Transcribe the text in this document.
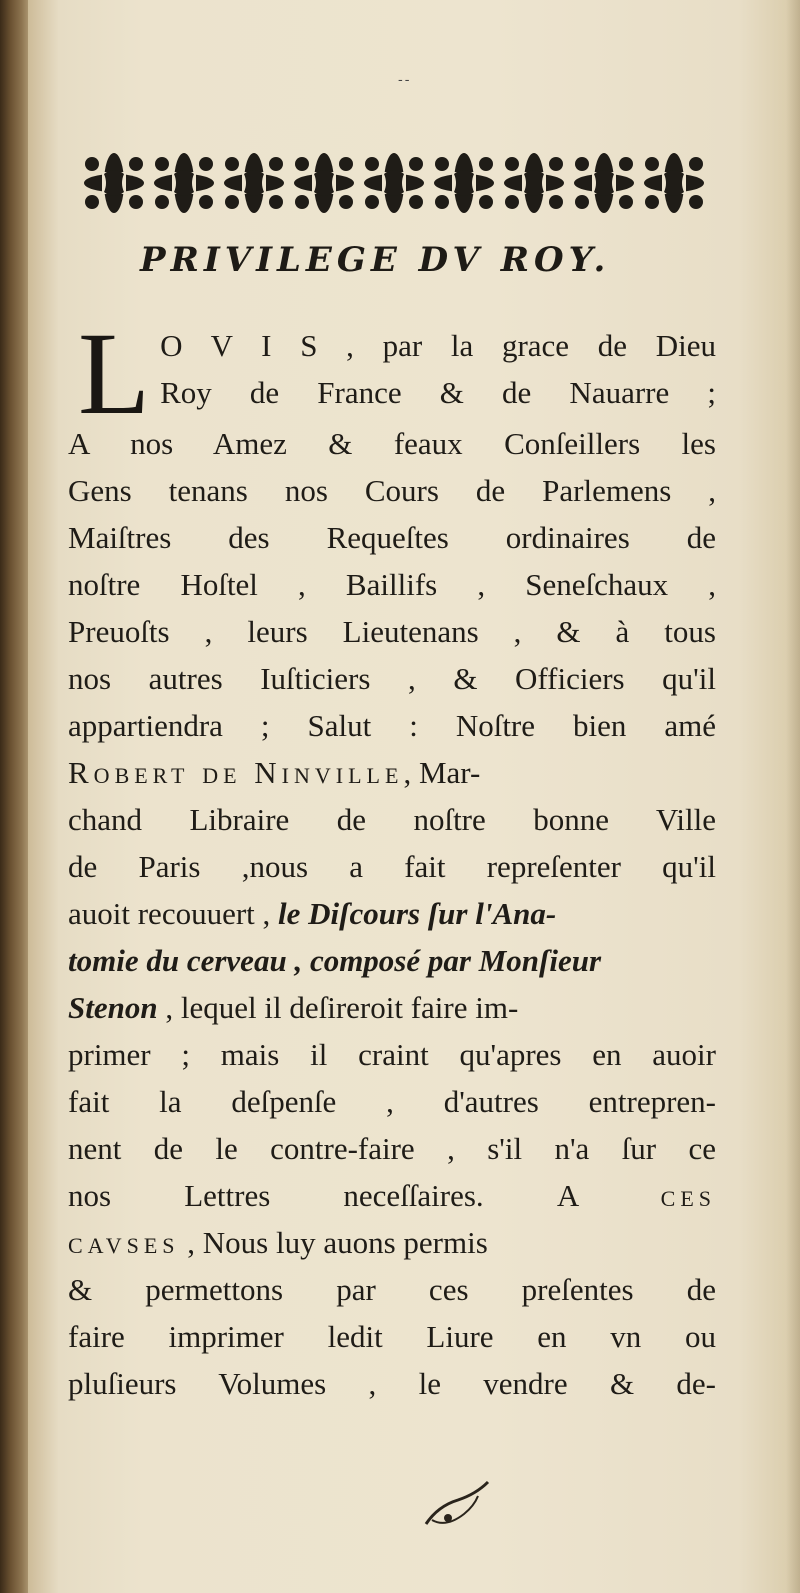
--
PRIVILEGE DV ROY.
L O V I S , par la grace de Dieu
Roy de France & de Nauarre ;
A nos Amez & feaux Conſeillers les
Gens tenans nos Cours de Parlemens ,
Maiſtres des Requeſtes ordinaires de
noſtre Hoſtel , Baillifs , Seneſchaux ,
Preuoſts , leurs Lieutenans , & à tous
nos autres Iuſticiers , & Officiers qu'il
appartiendra ; Salut : Noſtre bien amé
Robert de Ninville, Mar-
chand Libraire de noſtre bonne Ville
de Paris ,nous a fait repreſenter qu'il
auoit recouuert , le Diſcours ſur l'Ana-
tomie du cerveau , composé par Monſieur
Stenon , lequel il deſireroit faire im-
primer ; mais il craint qu'apres en auoir
fait la deſpenſe , d'autres entrepren-
nent de le contre-faire , s'il n'a ſur ce
nos Lettres neceſſaires. A ces
cavses , Nous luy auons permis
& permettons par ces preſentes de
faire imprimer ledit Liure en vn ou
pluſieurs Volumes , le vendre & de-
